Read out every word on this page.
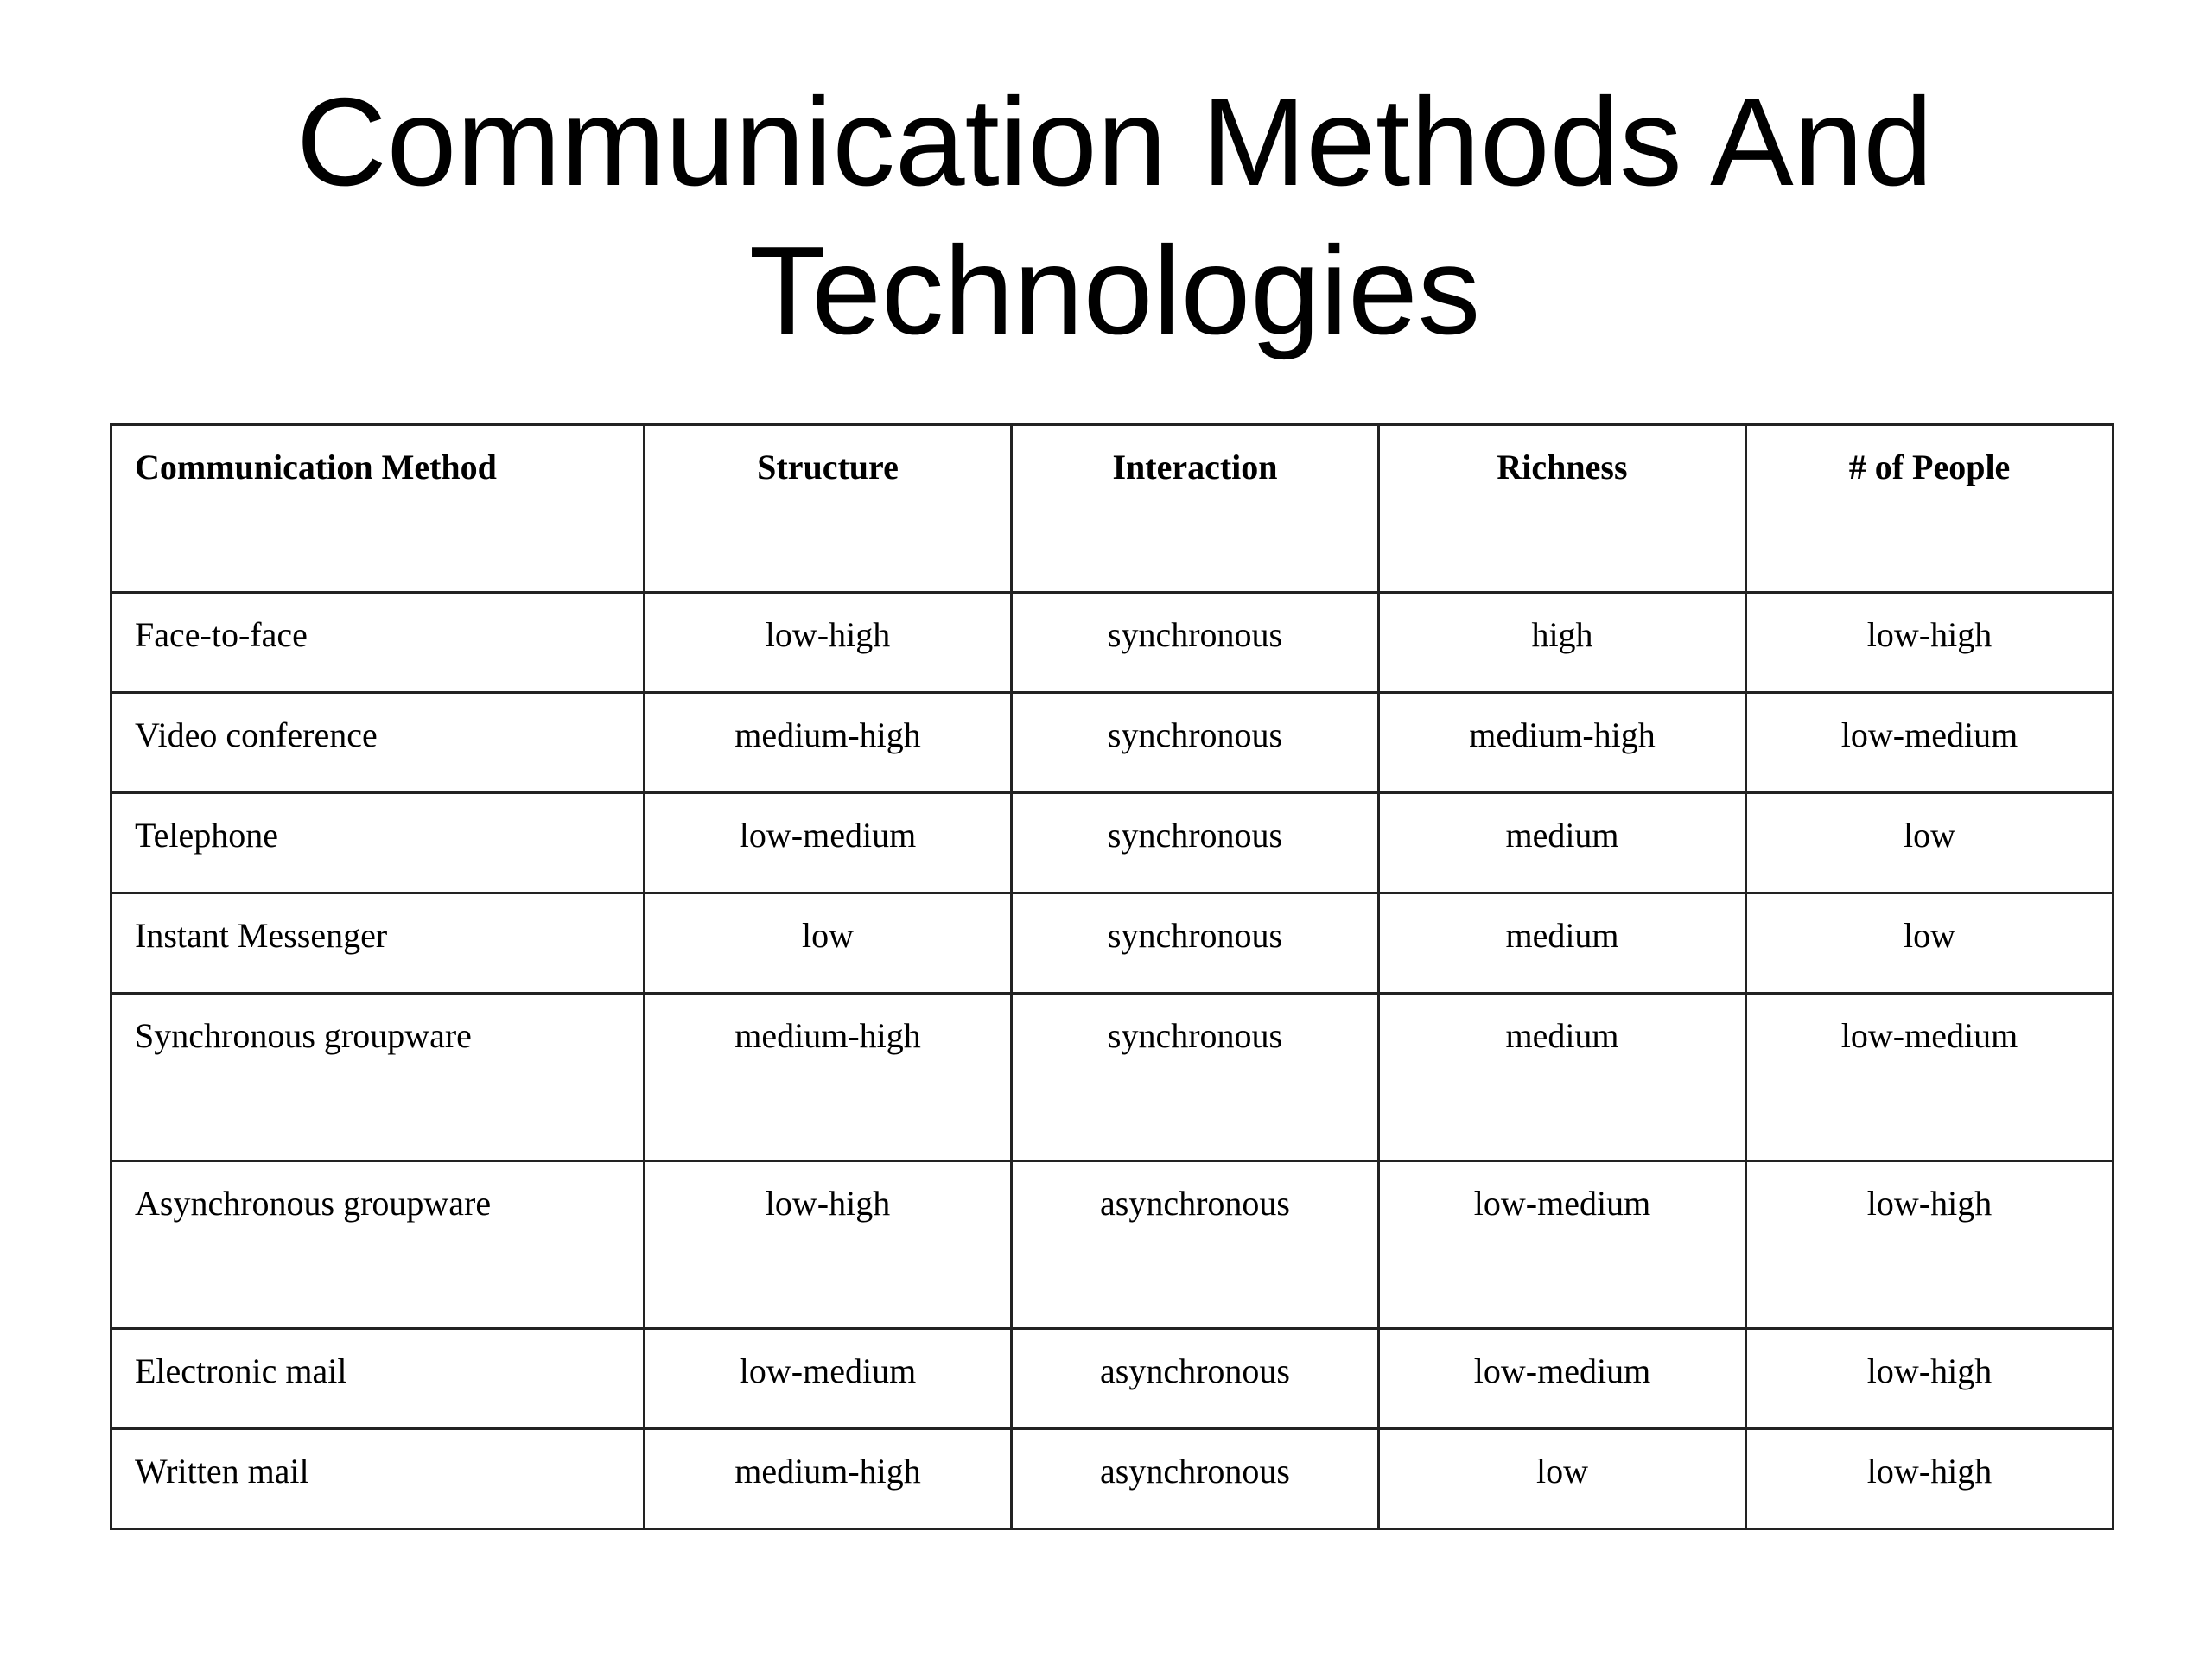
Communication Methods And
Technologies
Communication Method	Structure	Interaction	Richness	# of People
Face-to-face	low-high	synchronous	high	low-high
Video conference	medium-high	synchronous	medium-high	low-medium
Telephone	low-medium	synchronous	medium	low
Instant Messenger	low	synchronous	medium	low
Synchronous groupware	medium-high	synchronous	medium	low-medium
Asynchronous groupware	low-high	asynchronous	low-medium	low-high
Electronic mail	low-medium	asynchronous	low-medium	low-high
Written mail	medium-high	asynchronous	low	low-high
